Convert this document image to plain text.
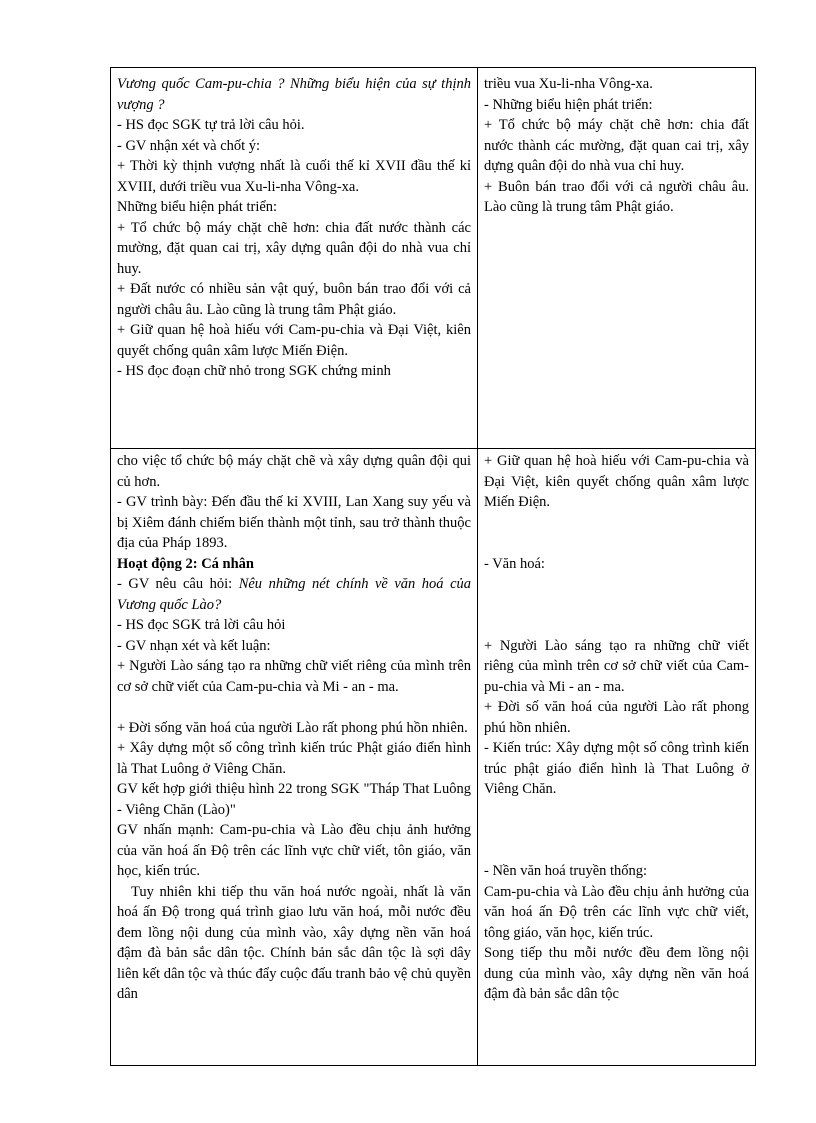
Vương quốc Cam-pu-chia ? Những biểu hiện của sự thịnh vượng ?

- HS đọc SGK tự trả lời câu hỏi.

- GV nhận xét và chốt ý:

+ Thời kỳ thịnh vượng nhất là cuối thế kỉ XVII đầu thế kỉ XVIII, dưới triều vua Xu-li-nha Vông-xa.

Những biểu hiện phát triển:

+ Tổ chức bộ máy chặt chẽ hơn: chia đất nước thành các mường, đặt quan cai trị, xây dựng quân đội do nhà vua chỉ huy.

+ Đất nước có nhiều sản vật quý, buôn bán trao đổi với cả người châu âu. Lào cũng là trung tâm Phật giáo.

+ Giữ quan hệ hoà hiếu với Cam-pu-chia và Đại Việt, kiên quyết chống quân xâm lược Miến Điện.

- HS đọc đoạn chữ nhỏ trong SGK chứng minh

triều vua Xu-li-nha Vông-xa.

- Những biểu hiện phát triển:

+ Tổ chức bộ máy chặt chẽ hơn: chia đất nước thành các mường, đặt quan cai trị, xây dựng quân đội do nhà vua chỉ huy.

+ Buôn bán trao đổi với cả người châu âu. Lào cũng là trung tâm Phật giáo.

cho việc tổ chức bộ máy chặt chẽ và xây dựng quân đội qui củ hơn.

- GV trình bày: Đến đầu thế kỉ XVIII, Lan Xang suy yếu và bị Xiêm đánh chiếm biến thành một tỉnh, sau trở thành thuộc địa của Pháp 1893.

Hoạt động 2: Cá nhân

- GV nêu câu hỏi: Nêu những nét chính về văn hoá của Vương quốc Lào?

- HS đọc SGK trả lời câu hỏi

- GV nhạn xét và kết luận:

+ Người Lào sáng tạo ra những chữ viết riêng của mình trên cơ sở chữ viết của Cam-pu-chia và Mi - an - ma.

+ Đời sống văn hoá của người Lào rất phong phú hồn nhiên.

+ Xây dựng một số công trình kiến trúc Phật giáo điển hình là That Luông ở Viêng Chăn.

GV kết hợp giới thiệu hình 22 trong SGK "Tháp That Luông - Viêng Chăn (Lào)"

GV nhấn mạnh: Cam-pu-chia và Lào đều chịu ảnh hưởng của văn hoá ấn Độ trên các lĩnh vực chữ viết, tôn giáo, văn học, kiến trúc.

Tuy nhiên khi tiếp thu văn hoá nước ngoài, nhất là văn hoá ấn Độ trong quá trình giao lưu văn hoá, mỗi nước đều đem lồng nội dung của mình vào, xây dựng nền văn hoá đậm đà bản sắc dân tộc. Chính bản sắc dân tộc là sợi dây liên kết dân tộc và thúc đẩy cuộc đấu tranh bảo vệ chủ quyền dân

+ Giữ quan hệ hoà hiếu với Cam-pu-chia và Đại Việt, kiên quyết chống quân xâm lược Miến Điện.

- Văn hoá:

+ Người Lào sáng tạo ra những chữ viết riêng của mình trên cơ sở chữ viết của Cam-pu-chia và Mi - an - ma.

+ Đời số văn hoá của người Lào rất phong phú hồn nhiên.

- Kiến trúc: Xây dựng một số công trình kiến trúc phật giáo điển hình là That Luông ở Viêng Chăn.

- Nền văn hoá truyền thống:

Cam-pu-chia và Lào đều chịu ảnh hưởng của văn hoá ấn Độ trên các lĩnh vực chữ viết, tông giáo, văn học, kiến trúc.

Song tiếp thu mỗi nước đều đem lồng nội dung của mình vào, xây dựng nền văn hoá đậm đà bản sắc dân tộc
